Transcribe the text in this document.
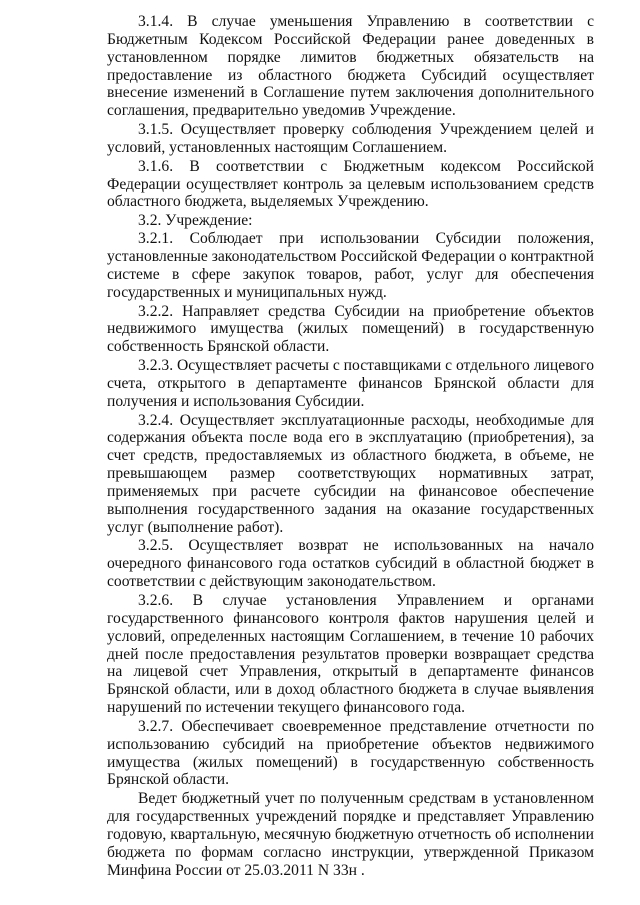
3.1.4. В случае уменьшения Управлению в соответствии с Бюджетным Кодексом Российской Федерации ранее доведенных в установленном порядке лимитов бюджетных обязательств на предоставление из областного бюджета Субсидий осуществляет внесение изменений в Соглашение путем заключения дополнительного соглашения, предварительно уведомив Учреждение.

3.1.5. Осуществляет проверку соблюдения Учреждением целей и условий, установленных настоящим Соглашением.

3.1.6. В соответствии с Бюджетным кодексом Российской Федерации осуществляет контроль за целевым использованием средств областного бюджета, выделяемых Учреждению.

3.2. Учреждение:

3.2.1. Соблюдает при использовании Субсидии положения, установленные законодательством Российской Федерации о контрактной системе в сфере закупок товаров, работ, услуг для обеспечения государственных и муниципальных нужд.

3.2.2. Направляет средства Субсидии на приобретение объектов недвижимого имущества (жилых помещений) в государственную собственность Брянской области.

3.2.3. Осуществляет расчеты с поставщиками с отдельного лицевого счета, открытого в департаменте финансов Брянской области для получения и использования Субсидии.

3.2.4. Осуществляет эксплуатационные расходы, необходимые для содержания объекта после вода его в эксплуатацию (приобретения), за счет средств, предоставляемых из областного бюджета, в объеме, не превышающем размер соответствующих нормативных затрат, применяемых при расчете субсидии на финансовое обеспечение выполнения государственного задания на оказание государственных услуг (выполнение работ).

3.2.5. Осуществляет возврат не использованных на начало очередного финансового года остатков субсидий в областной бюджет в соответствии с действующим законодательством.

3.2.6. В случае установления Управлением и органами государственного финансового контроля фактов нарушения целей и условий, определенных настоящим Соглашением, в течение 10 рабочих дней после предоставления результатов проверки возвращает средства на лицевой счет Управления, открытый в департаменте финансов Брянской области, или в доход областного бюджета в случае выявления нарушений по истечении текущего финансового года.

3.2.7. Обеспечивает своевременное представление отчетности по использованию субсидий на приобретение объектов недвижимого имущества (жилых помещений) в государственную собственность Брянской области.

Ведет бюджетный учет по полученным средствам в установленном для государственных учреждений порядке и представляет Управлению годовую, квартальную, месячную бюджетную отчетность об исполнении бюджета по формам согласно инструкции, утвержденной Приказом Минфина России от 25.03.2011 N 33н .
